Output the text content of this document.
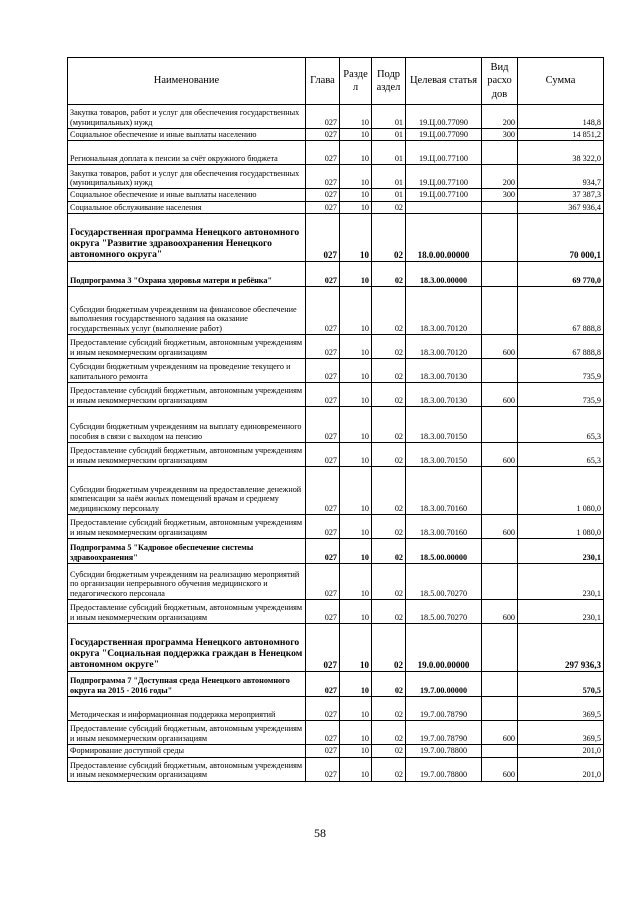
Наименование	Глава	Разде л	Подр аздел	Целевая статья	Вид расхо дов	Сумма
Закупка товаров, работ и услуг для обеспечения государственных (муниципальных) нужд	027	10	01	19.Ц.00.77090	200	148,8
Социальное обеспечение и иные выплаты населению	027	10	01	19.Ц.00.77090	300	14 851,2
Региональная доплата к пенсии за счёт окружного бюджета	027	10	01	19.Ц.00.77100		38 322,0
Закупка товаров, работ и услуг для обеспечения государственных (муниципальных) нужд	027	10	01	19.Ц.00.77100	200	934,7
Социальное обеспечение и иные выплаты населению	027	10	01	19.Ц.00.77100	300	37 387,3
Социальное обслуживание населения	027	10	02			367 936,4
Государственная программа Ненецкого автономного округа "Развитие здравоохранения Ненецкого автономного округа"	027	10	02	18.0.00.00000		70 000,1
Подпрограмма 3 "Охрана здоровья матери и ребёнка"	027	10	02	18.3.00.00000		69 770,0
Субсидии бюджетным учреждениям на финансовое обеспечение выполнения государственного задания на оказание государственных услуг (выполнение работ)	027	10	02	18.3.00.70120		67 888,8
Предоставление субсидий бюджетным, автономным учреждениям и иным некоммерческим организациям	027	10	02	18.3.00.70120	600	67 888,8
Субсидии бюджетным учреждениям на проведение текущего и капитального ремонта	027	10	02	18.3.00.70130		735,9
Предоставление субсидий бюджетным, автономным учреждениям и иным некоммерческим организациям	027	10	02	18.3.00.70130	600	735,9
Субсидии бюджетным учреждениям на выплату единовременного пособия в связи с выходом на пенсию	027	10	02	18.3.00.70150		65,3
Предоставление субсидий бюджетным, автономным учреждениям и иным некоммерческим организациям	027	10	02	18.3.00.70150	600	65,3
Субсидии бюджетным учреждениям на предоставление денежной компенсации за наём жилых помещений врачам и среднему медицинскому персоналу	027	10	02	18.3.00.70160		1 080,0
Предоставление субсидий бюджетным, автономным учреждениям и иным некоммерческим организациям	027	10	02	18.3.00.70160	600	1 080,0
Подпрограмма 5 "Кадровое обеспечение системы здравоохранения"	027	10	02	18.5.00.00000		230,1
Субсидии бюджетным учреждениям на реализацию мероприятий по организации непрерывного обучения медицинского и педагогического персонала	027	10	02	18.5.00.70270		230,1
Предоставление субсидий бюджетным, автономным учреждениям и иным некоммерческим организациям	027	10	02	18.5.00.70270	600	230,1
Государственная программа Ненецкого автономного округа "Социальная поддержка граждан в Ненецком автономном округе"	027	10	02	19.0.00.00000		297 936,3
Подпрограмма 7 "Доступная среда Ненецкого автономного округа на 2015 - 2016 годы"	027	10	02	19.7.00.00000		570,5
Методическая и информационная поддержка мероприятий	027	10	02	19.7.00.78790		369,5
Предоставление субсидий бюджетным, автономным учреждениям и иным некоммерческим организациям	027	10	02	19.7.00.78790	600	369,5
Формирование доступной среды	027	10	02	19.7.00.78800		201,0
Предоставление субсидий бюджетным, автономным учреждениям и иным некоммерческим организациям	027	10	02	19.7.00.78800	600	201,0
58
